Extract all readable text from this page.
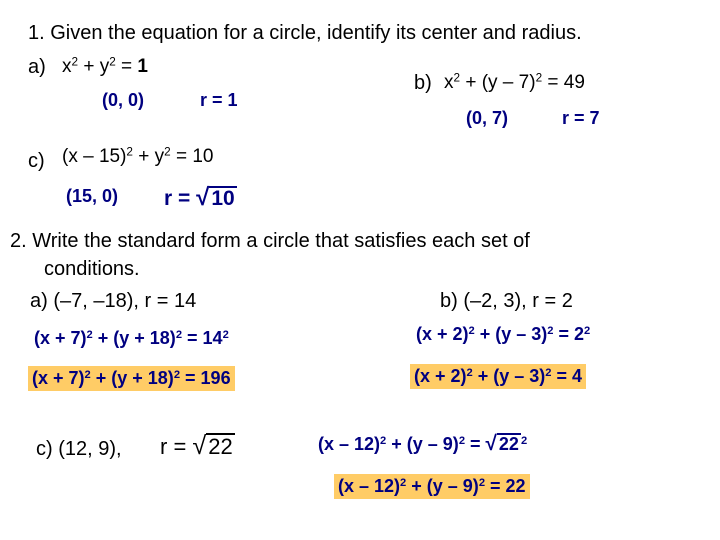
1. Given the equation for a circle, identify its center and radius.
a) $x^2 + y^2 = 1$
(0, 0)	r = 1
b) $x^2 + (y - 7)^2 = 49$
(0, 7)	r = 7
c) $(x - 15)^2 + y^2 = 10$
(15, 0) r = √10
2. Write the standard form a circle that satisfies each set of
conditions.
a) (–7, –18), r = 14	b) (–2, 3), r = 2
$(x + 7)^2 + (y + 18)^2 = 14^2$	$(x + 2)^2 + (y - 3)^2 = 2^2$
$(x + 7)^2 + (y + 18)^2 = 196$	$(x + 2)^2 + (y - 3)^2 = 4$
c) (12, 9), r = √22	(x – 12)$^2$ + (y – 9)$^2$ = √ 22 $^2$
(x – 12)$^2$ + (y – 9)$^2$ = 22
